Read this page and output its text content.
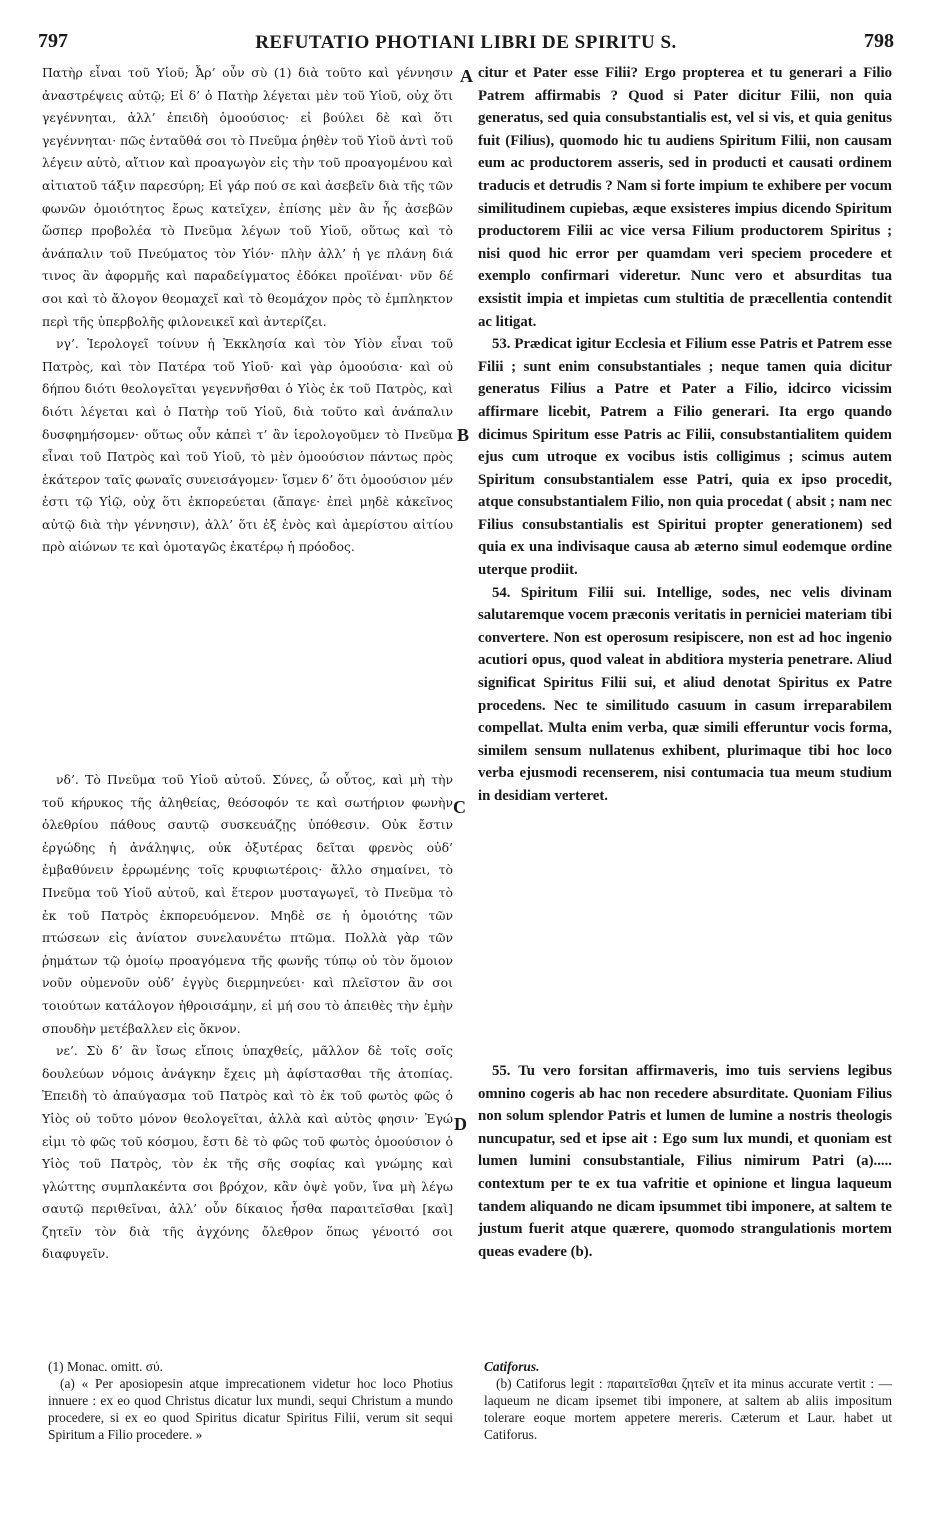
797	REFUTATIO PHOTIANI LIBRI DE SPIRITU S.	798

Πατὴρ εἶναι τοῦ Υἱοῦ; Ἆρ’ οὖν σὺ (1) διὰ τοῦτο καὶ γέννησιν ἀναστρέψεις αὐτῷ; Εἰ δ’ ὁ Πατὴρ λέγεται μὲν τοῦ Υἱοῦ, οὐχ ὅτι γεγέννηται, ἀλλ’ ἐπειδὴ ὁμοούσιος· εἰ βούλει δὲ καὶ ὅτι γεγέννηται· πῶς ἐνταῦθά σοι τὸ Πνεῦμα ῥηθὲν τοῦ Υἱοῦ ἀντὶ τοῦ λέγειν αὐτὸ, αἴτιον καὶ προαγωγὸν εἰς τὴν τοῦ προαγομένου καὶ αἰτιατοῦ τάξιν παρεσύρη; Εἰ γάρ πού σε καὶ ἀσεβεῖν διὰ τῆς τῶν φωνῶν ὁμοιότητος ἔρως κατεῖχεν, ἐπίσης μὲν ἂν ἧς ἀσεβῶν ὥσπερ προβολέα τὸ Πνεῦμα λέγων τοῦ Υἱοῦ, οὕτως καὶ τὸ ἀνάπαλιν τοῦ Πνεύματος τὸν Υἱόν· πλὴν ἀλλ’ ἡ γε πλάνη διά τινος ἂν ἀφορμῆς καὶ παραδείγματος ἐδόκει προϊέναι· νῦν δέ σοι καὶ τὸ ἄλογον θεομαχεῖ καὶ τὸ θεομάχον πρὸς τὸ ἐμπληκτον περὶ τῆς ὑπερβολῆς φιλονεικεῖ καὶ ἀντερίζει.

νγ’. Ἱερολογεῖ τοίνυν ἡ Ἐκκλησία καὶ τὸν Υἱὸν εἶναι τοῦ Πατρὸς, καὶ τὸν Πατέρα τοῦ Υἱοῦ· καὶ γὰρ ὁμοούσια· καὶ οὐ δήπου διότι θεολογεῖται γεγεννῆσθαι ὁ Υἱὸς ἐκ τοῦ Πατρὸς, καὶ διότι λέγεται καὶ ὁ Πατὴρ τοῦ Υἱοῦ, διὰ τοῦτο καὶ ἀνάπαλιν δυσφημήσομεν· οὕτως οὖν κἀπεὶ τ’ ἂν ἱερολογοῦμεν τὸ Πνεῦμα εἶναι τοῦ Πατρὸς καὶ τοῦ Υἱοῦ, τὸ μὲν ὁμοούσιον πάντως πρὸς ἑκάτερον ταῖς φωναῖς συνεισάγομεν· ἴσμεν δ’ ὅτι ὁμοούσιον μέν ἐστι τῷ Υἱῷ, οὐχ ὅτι ἐκπορεύεται (ἄπαγε· ἐπεὶ μηδὲ κἀκεῖνος αὐτῷ διὰ τὴν γέννησιν), ἀλλ’ ὅτι ἐξ ἑνὸς καὶ ἀμερίστου αἰτίου πρὸ αἰώνων τε καὶ ὁμοταγῶς ἑκατέρῳ ἡ πρόοδος.

νδ’. Τὸ Πνεῦμα τοῦ Υἱοῦ αὐτοῦ. Σύνες, ὦ οὗτος, καὶ μὴ τὴν τοῦ κήρυκος τῆς ἀληθείας, θεόσοφόν τε καὶ σωτήριον φωνὴν ὀλεθρίου πάθους σαυτῷ συσκευάζῃς ὑπόθεσιν. Οὐκ ἔστιν ἐργώδης ἡ ἀνάληψις, οὐκ ὀξυτέρας δεῖται φρενὸς οὐδ’ ἐμβαθύνειν ἐρρωμένης τοῖς κρυφιωτέροις· ἄλλο σημαίνει, τὸ Πνεῦμα τοῦ Υἱοῦ αὐτοῦ, καὶ ἕτερον μυσταγωγεῖ, τὸ Πνεῦμα τὸ ἐκ τοῦ Πατρὸς ἐκπορευόμενον. Μηδὲ σε ἡ ὁμοιότης τῶν πτώσεων εἰς ἀνίατον συνελαυνέτω πτῶμα. Πολλὰ γὰρ τῶν ῥημάτων τῷ ὁμοίῳ προαγόμενα τῆς φωνῆς τύπῳ οὐ τὸν ὅμοιον νοῦν οὐμενοῦν οὐδ’ ἐγγὺς διερμηνεύει· καὶ πλεῖστον ἂν σοι τοιούτων κατάλογον ἠθροισάμην, εἰ μή σου τὸ ἀπειθὲς τὴν ἐμὴν σπουδὴν μετέβαλλεν εἰς ὄκνον.

νε’. Σὺ δ’ ἂν ἴσως εἴποις ὑπαχθείς, μᾶλλον δὲ τοῖς σοῖς δουλεύων νόμοις ἀνάγκην ἔχεις μὴ ἀφίστασθαι τῆς ἀτοπίας. Ἐπειδὴ τὸ ἀπαύγασμα τοῦ Πατρὸς καὶ τὸ ἐκ τοῦ φωτὸς φῶς ὁ Υἱὸς οὐ τοῦτο μόνον θεολογεῖται, ἀλλὰ καὶ αὐτὸς φησιν· Ἐγώ εἰμι τὸ φῶς τοῦ κόσμου, ἔστι δὲ τὸ φῶς τοῦ φωτὸς ὁμοούσιον ὁ Υἱὸς τοῦ Πατρὸς, τὸν ἐκ τῆς σῆς σοφίας καὶ γνώμης καὶ γλώττης συμπλακέντα σοι βρόχον, κἂν ὀψὲ γοῦν, ἵνα μὴ λέγω σαυτῷ περιθεῖναι, ἀλλ’ οὖν δίκαιος ἦσθα παραιτεῖσθαι [καὶ] ζητεῖν τὸν διὰ τῆς ἀγχόνης ὄλεθρον ὅπως γένοιτό σοι διαφυγεῖν.

citur et Pater esse Filii? Ergo propterea et tu generari a Filio Patrem affirmabis ? Quod si Pater dicitur Filii, non quia generatus, sed quia consubstantialis est, vel si vis, et quia genitus fuit (Filius), quomodo hic tu audiens Spiritum Filii, non causam eum ac productorem asseris, sed in producti et causati ordinem traducis et detrudis ? Nam si forte impium te exhibere per vocum similitudinem cupiebas, æque exsisteres impius dicendo Spiritum productorem Filii ac vice versa Filium productorem Spiritus ; nisi quod hic error per quamdam veri speciem procedere et exemplo confirmari videretur. Nunc vero et absurditas tua exsistit impia et impietas cum stultitia de præcellentia contendit ac litigat.

53. Prædicat igitur Ecclesia et Filium esse Patris et Patrem esse Filii ; sunt enim consubstantiales ; neque tamen quia dicitur generatus Filius a Patre et Pater a Filio, idcirco vicissim affirmare licebit, Patrem a Filio generari. Ita ergo quando dicimus Spiritum esse Patris ac Filii, consubstantialitem quidem ejus cum utroque ex vocibus istis colligimus ; scimus autem Spiritum consubstantialem esse Patri, quia ex ipso procedit, atque consubstantialem Filio, non quia procedat ( absit ; nam nec Filius consubstantialis est Spiritui propter generationem) sed quia ex una indivisaque causa ab æterno simul eodemque ordine uterque prodiit.

54. Spiritum Filii sui. Intellige, sodes, nec velis divinam salutaremque vocem præconis veritatis in perniciei materiam tibi convertere. Non est operosum resipiscere, non est ad hoc ingenio acutiori opus, quod valeat in abditiora mysteria penetrare. Aliud significat Spiritus Filii sui, et aliud denotat Spiritus ex Patre procedens. Nec te similitudo casuum in casum irreparabilem compellat. Multa enim verba, quæ simili efferuntur vocis forma, similem sensum nullatenus exhibent, plurimaque tibi hoc loco verba ejusmodi recenserem, nisi contumacia tua meum studium in desidiam verteret.

55. Tu vero forsitan affirmaveris, imo tuis serviens legibus omnino cogeris ab hac non recedere absurditate. Quoniam Filius non solum splendor Patris et lumen de lumine a nostris theologis nuncupatur, sed et ipse ait : Ego sum lux mundi, et quoniam est lumen lumini consubstantiale, Filius nimirum Patri (a)..... contextum per te ex tua vafritie et opinione et lingua laqueum tandem aliquando ne dicam ipsummet tibi imponere, at saltem te justum fuerit atque quærere, quomodo strangulationis mortem queas evadere (b).

A
B
C
D

(1) Monac. omitt. σύ.

(a) « Per aposiopesin atque imprecationem videtur hoc loco Photius innuere : ex eo quod Christus dicatur lux mundi, sequi Christum a mundo procedere, si ex eo quod Spiritus dicatur Spiritus Filii, verum sit sequi Spiritum a Filio procedere. »

Catiforus.

(b) Catiforus legit : παραιτεῖσθαι ζητεῖν et ita minus accurate vertit : — laqueum ne dicam ipsemet tibi imponere, at saltem ab aliis impositum tolerare eoque mortem appetere mereris. Cæterum et Laur. habet ut Catiforus.
